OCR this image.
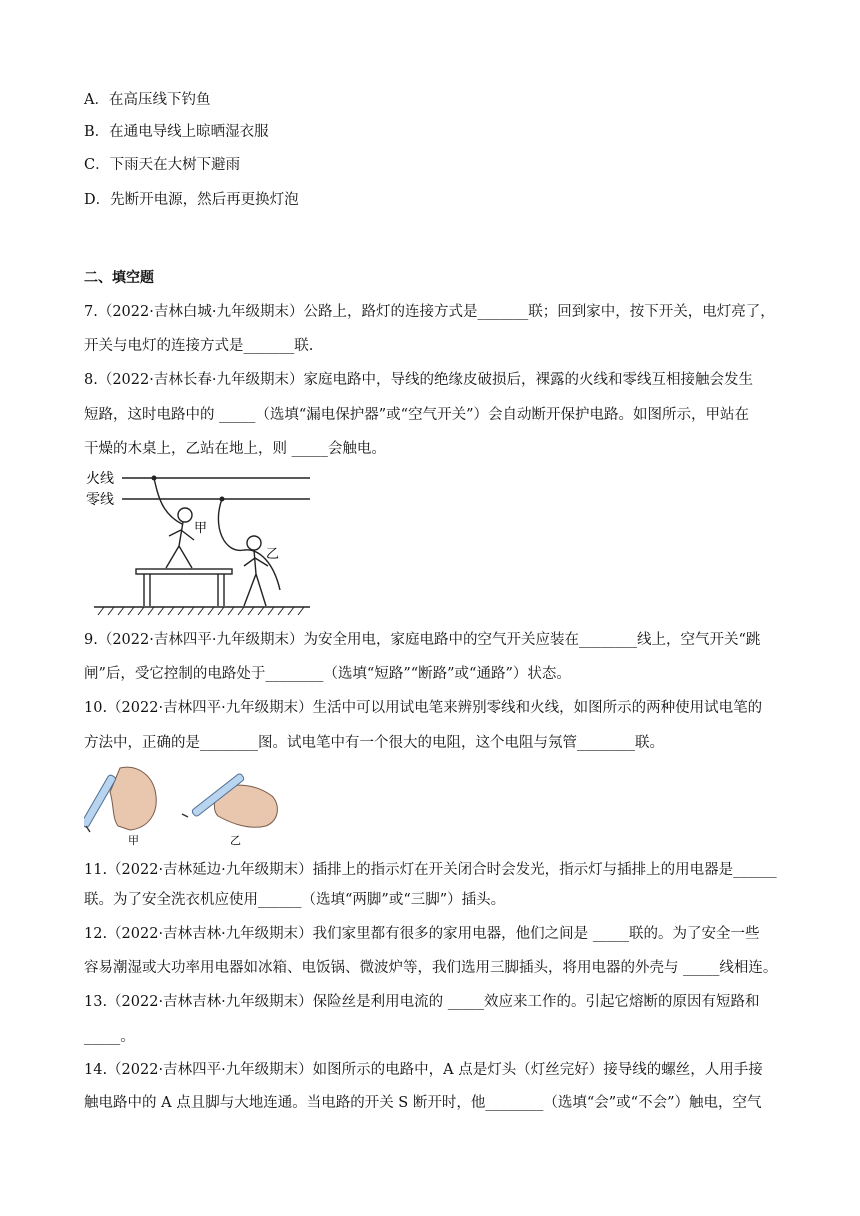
A．在高压线下钓鱼
B．在通电导线上晾晒湿衣服
C．下雨天在大树下避雨
D．先断开电源，然后再更换灯泡
二、填空题
7.（2022·吉林白城·九年级期末）公路上，路灯的连接方式是_______联；回到家中，按下开关，电灯亮了，
开关与电灯的连接方式是_______联.
8.（2022·吉林长春·九年级期末）家庭电路中，导线的绝缘皮破损后，裸露的火线和零线互相接触会发生
短路，这时电路中的 _____（选填“漏电保护器”或“空气开关”）会自动断开保护电路。如图所示，甲站在
干燥的木桌上，乙站在地上，则 _____会触电。
火线
零线
甲
乙
9.（2022·吉林四平·九年级期末）为安全用电，家庭电路中的空气开关应装在________线上，空气开关“跳
闸”后，受它控制的电路处于________（选填“短路”“断路”或“通路”）状态。
10.（2022·吉林四平·九年级期末）生活中可以用试电笔来辨别零线和火线，如图所示的两种使用试电笔的
方法中，正确的是________图。试电笔中有一个很大的电阻，这个电阻与氖管________联。
甲	乙
11.（2022·吉林延边·九年级期末）插排上的指示灯在开关闭合时会发光，指示灯与插排上的用电器是______
联。为了安全洗衣机应使用______（选填“两脚”或“三脚”）插头。
12.（2022·吉林吉林·九年级期末）我们家里都有很多的家用电器，他们之间是 _____联的。为了安全一些
容易潮湿或大功率用电器如冰箱、电饭锅、微波炉等，我们选用三脚插头，将用电器的外壳与 _____线相连。
13.（2022·吉林吉林·九年级期末）保险丝是利用电流的 _____效应来工作的。引起它熔断的原因有短路和
_____。
14.（2022·吉林四平·九年级期末）如图所示的电路中，A 点是灯头（灯丝完好）接导线的螺丝，人用手接
触电路中的 A 点且脚与大地连通。当电路的开关 S 断开时，他________（选填“会”或“不会”）触电，空气
